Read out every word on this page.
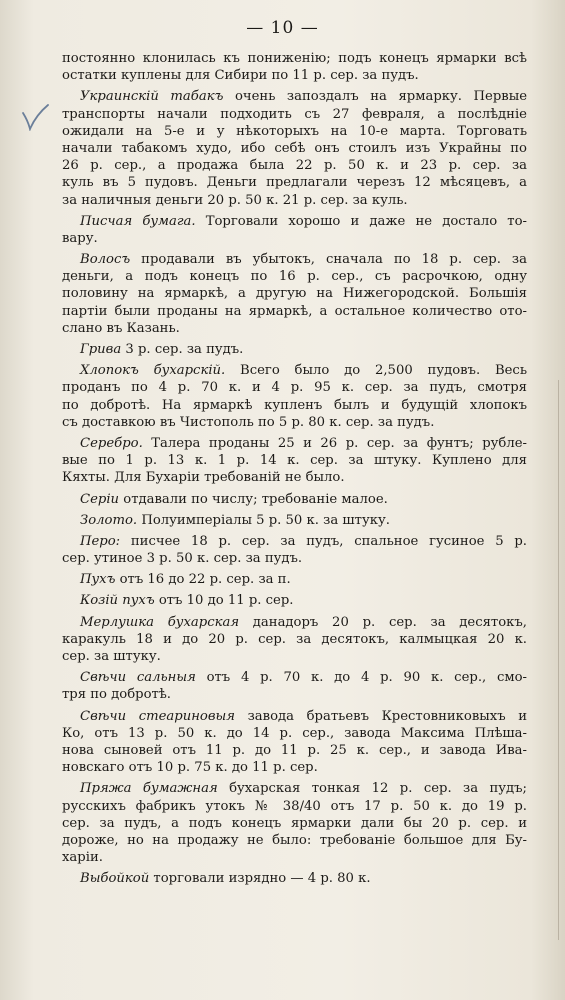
— 10 —
постоянно клонилась къ пониженію; подъ конецъ ярмарки всѣ
остатки куплены для Сибири по 11 р. сер. за пудъ.
Украинскій табакъ очень запоздалъ на ярмарку. Первые
транспорты начали подходить съ 27 февраля, а послѣдніе
ожидали на 5-е и у нѣкоторыхъ на 10-е марта. Торговать
начали табакомъ худо, ибо себѣ онъ стоилъ изъ Украйны по
26 р. сер., а продажа была 22 р. 50 к. и 23 р. сер. за
куль въ 5 пудовъ. Деньги предлагали черезъ 12 мѣсяцевъ, а
за наличныя деньги 20 р. 50 к. 21 р. сер. за куль.
Писчая бумага. Торговали хорошо и даже не достало то-
вару.
Волосъ продавали въ убытокъ, сначала по 18 р. сер. за
деньги, а подъ конецъ по 16 р. сер., съ расрочкою, одну
половину на ярмаркѣ, а другую на Нижегородской. Большія
партіи были проданы на ярмаркѣ, а остальное количество ото-
слано въ Казань.
Грива 3 р. сер. за пудъ.
Хлопокъ бухарскій. Всего было до 2,500 пудовъ. Весь
проданъ по 4 р. 70 к. и 4 р. 95 к. сер. за пудъ, смотря
по добротѣ. На ярмаркѣ купленъ былъ и будущій хлопокъ
съ доставкою въ Чистополь по 5 р. 80 к. сер. за пудъ.
Серебро. Талера проданы 25 и 26 р. сер. за фунтъ; рубле-
вые по 1 р. 13 к. 1 р. 14 к. сер. за штуку. Куплено для
Кяхты. Для Бухаріи требованій не было.
Серіи отдавали по числу; требованіе малое.
Золото. Полуимперіалы 5 р. 50 к. за штуку.
Перо: писчее 18 р. сер. за пудъ, спальное гусиное 5 р.
сер. утиное 3 р. 50 к. сер. за пудъ.
Пухъ отъ 16 до 22 р. сер. за п.
Козій пухъ отъ 10 до 11 р. сер.
Мерлушка бухарская данадоръ 20 р. сер. за десятокъ,
каракуль 18 и до 20 р. сер. за десятокъ, калмыцкая 20 к.
сер. за штуку.
Свѣчи сальныя отъ 4 р. 70 к. до 4 р. 90 к. сер., смо-
тря по добротѣ.
Свѣчи стеариновыя завода братьевъ Крестовниковыхъ и
Ко, отъ 13 р. 50 к. до 14 р. сер., завода Максима Плѣша-
нова сыновей отъ 11 р. до 11 р. 25 к. сер., и завода Ива-
новскаго отъ 10 р. 75 к. до 11 р. сер.
Пряжа бумажная бухарская тонкая 12 р. сер. за пудъ;
русскихъ фабрикъ утокъ № 38/40 отъ 17 р. 50 к. до 19 р.
сер. за пудъ, а подъ конецъ ярмарки дали бы 20 р. сер. и
дороже, но на продажу не было: требованіе большое для Бу-
харіи.
Выбойкой торговали изрядно — 4 р. 80 к.
